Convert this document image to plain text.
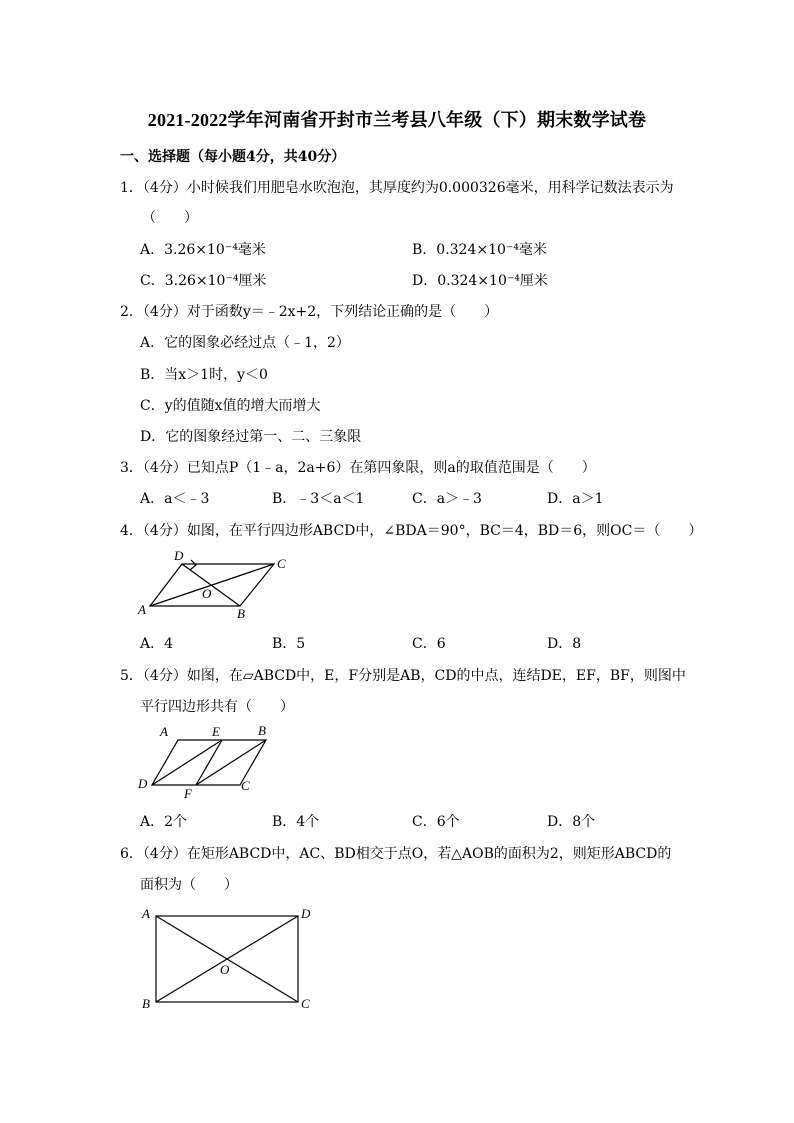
2021-2022学年河南省开封市兰考县八年级（下）期末数学试卷
一、选择题（每小题4分，共40分）
1．（4分）小时候我们用肥皂水吹泡泡，其厚度约为0.000326毫米，用科学记数法表示为
（　　）
A．3.26×10⁻⁴毫米	B．0.324×10⁻⁴毫米
C．3.26×10⁻⁴厘米	D．0.324×10⁻⁴厘米
2．（4分）对于函数y＝﹣2x+2，下列结论正确的是（　　）
A．它的图象必经过点（﹣1，2）
B．当x＞1时，y＜0
C．y的值随x值的增大而增大
D．它的图象经过第一、二、三象限
3．（4分）已知点P（1﹣a，2a+6）在第四象限，则a的取值范围是（　　）
A．a＜﹣3	B．﹣3＜a＜1	C．a＞﹣3	D．a＞1
4．（4分）如图，在平行四边形ABCD中，∠BDA＝90°，BC＝4，BD＝6，则OC＝（　　）
D
C
A	B
O
A．4	B．5	C．6	D．8
5．（4分）如图，在▱ABCD中，E，F分别是AB，CD的中点，连结DE，EF，BF，则图中
平行四边形共有（　　）
A	E	B
D
F
C
A．2个	B．4个	C．6个	D．8个
6．（4分）在矩形ABCD中，AC、BD相交于点O，若△AOB的面积为2，则矩形ABCD的
面积为（　　）
A	D
B	C
O
